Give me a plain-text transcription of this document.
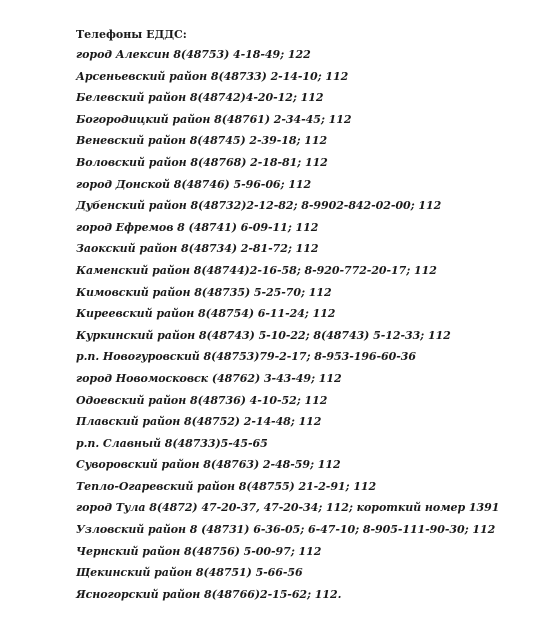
Телефоны ЕДДС:
город Алексин 8(48753) 4-18-49; 122
Арсеньевский район 8(48733) 2-14-10; 112
Белевский район 8(48742)4-20-12; 112
Богородицкий район 8(48761) 2-34-45; 112
Веневский район 8(48745) 2-39-18; 112
Воловский район 8(48768) 2-18-81; 112
город Донской 8(48746) 5-96-06; 112
Дубенский район 8(48732)2-12-82; 8-9902-842-02-00; 112
город Ефремов 8 (48741) 6-09-11; 112
Заокский район 8(48734) 2-81-72; 112
Каменский район 8(48744)2-16-58; 8-920-772-20-17; 112
Кимовский район 8(48735) 5-25-70; 112
Киреевский район 8(48754) 6-11-24; 112
Куркинский район 8(48743) 5-10-22; 8(48743) 5-12-33; 112
р.п. Новогуровский 8(48753)79-2-17; 8-953-196-60-36
город Новомосковск (48762) 3-43-49; 112
Одоевский район 8(48736) 4-10-52; 112
Плавский район 8(48752) 2-14-48; 112
р.п. Славный 8(48733)5-45-65
Суворовский район 8(48763) 2-48-59; 112
Тепло-Огаревский район 8(48755) 21-2-91; 112
город Тула 8(4872) 47-20-37, 47-20-34; 112; короткий номер 1391
Узловский район 8 (48731) 6-36-05; 6-47-10; 8-905-111-90-30; 112
Чернский район 8(48756) 5-00-97; 112
Щекинский район 8(48751) 5-66-56
Ясногорский район 8(48766)2-15-62; 112.
